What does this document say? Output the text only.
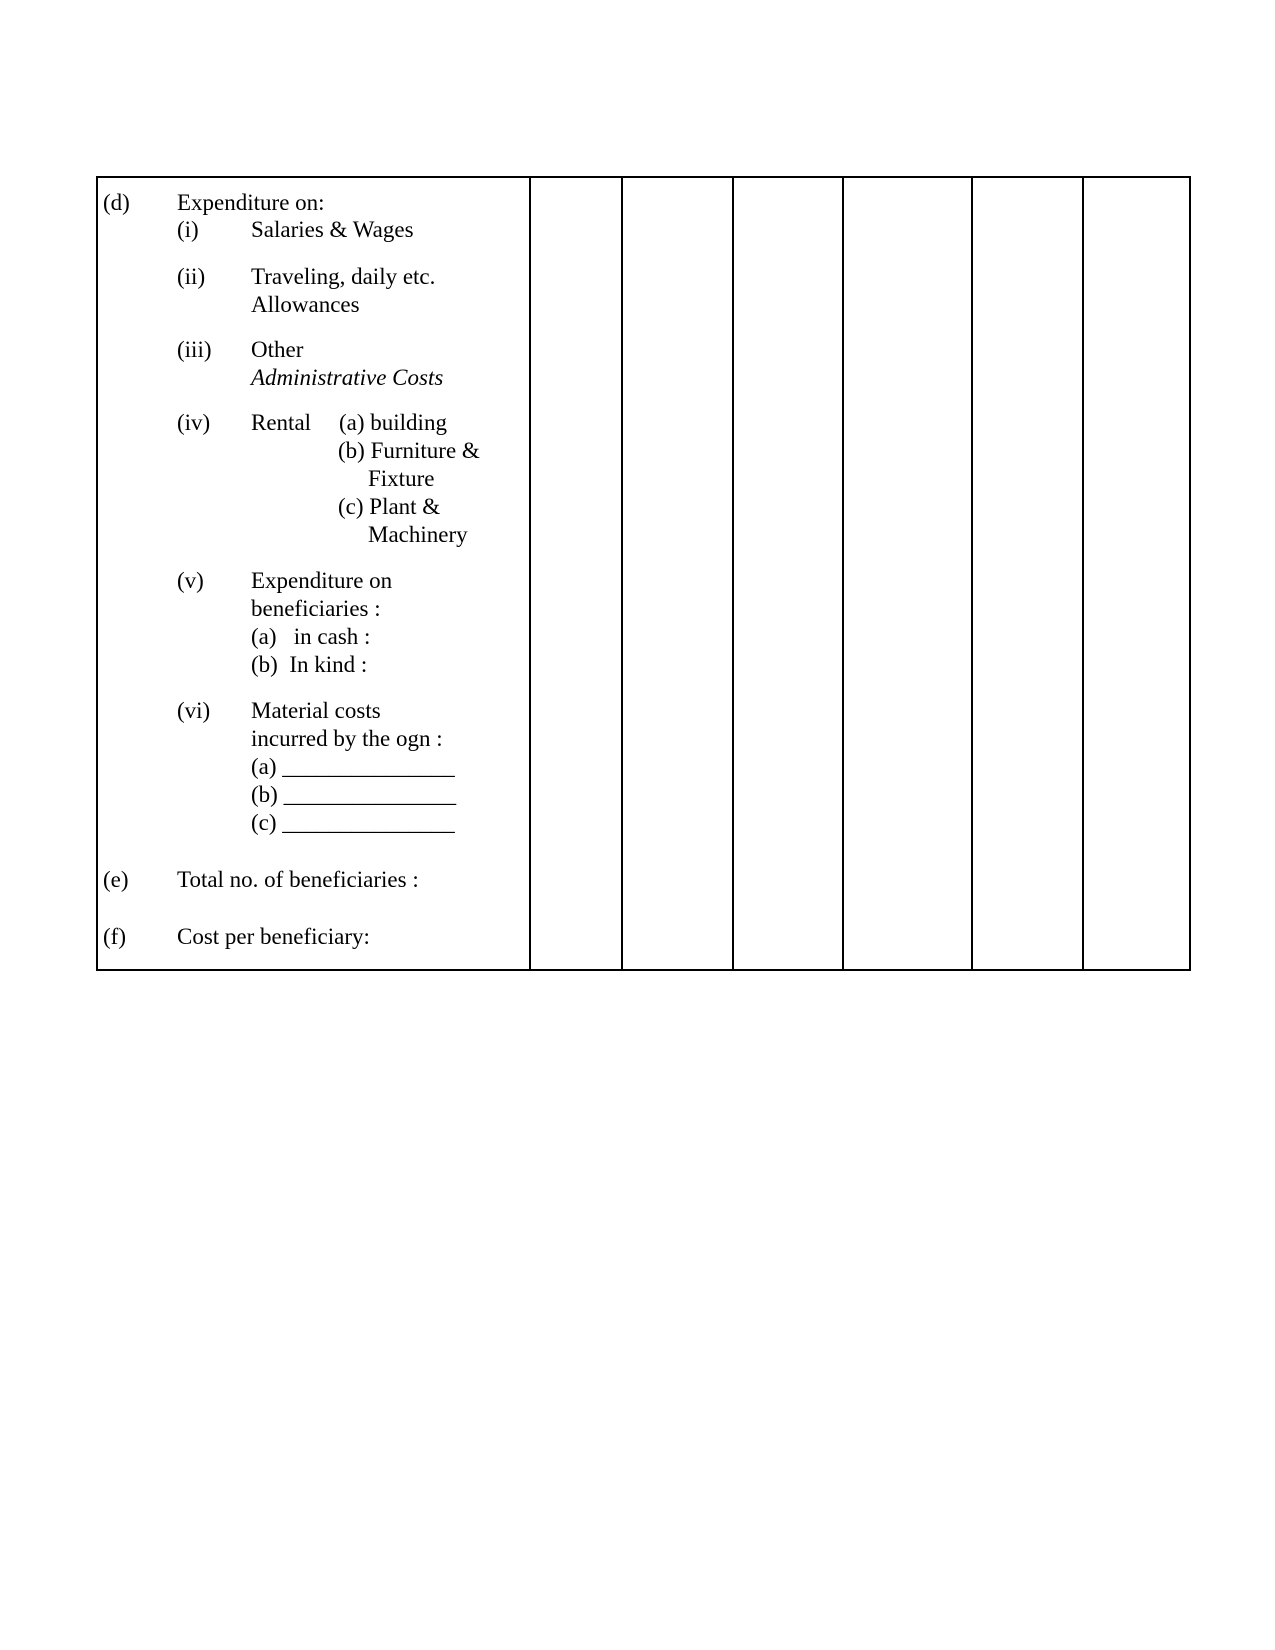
(d) Expenditure on:
(i) Salaries & Wages
(ii) Traveling, daily etc.
Allowances
(iii) Other
Administrative Costs
(iv) Rental (a) building
(b) Furniture &
Fixture
(c) Plant &
Machinery
(v) Expenditure on
beneficiaries :
(a)   in cash :
(b)  In kind :
(vi) Material costs
incurred by the ogn :
(a) _______________
(b) _______________
(c) _______________
(e) Total no. of beneficiaries :
(f) Cost per beneficiary:
